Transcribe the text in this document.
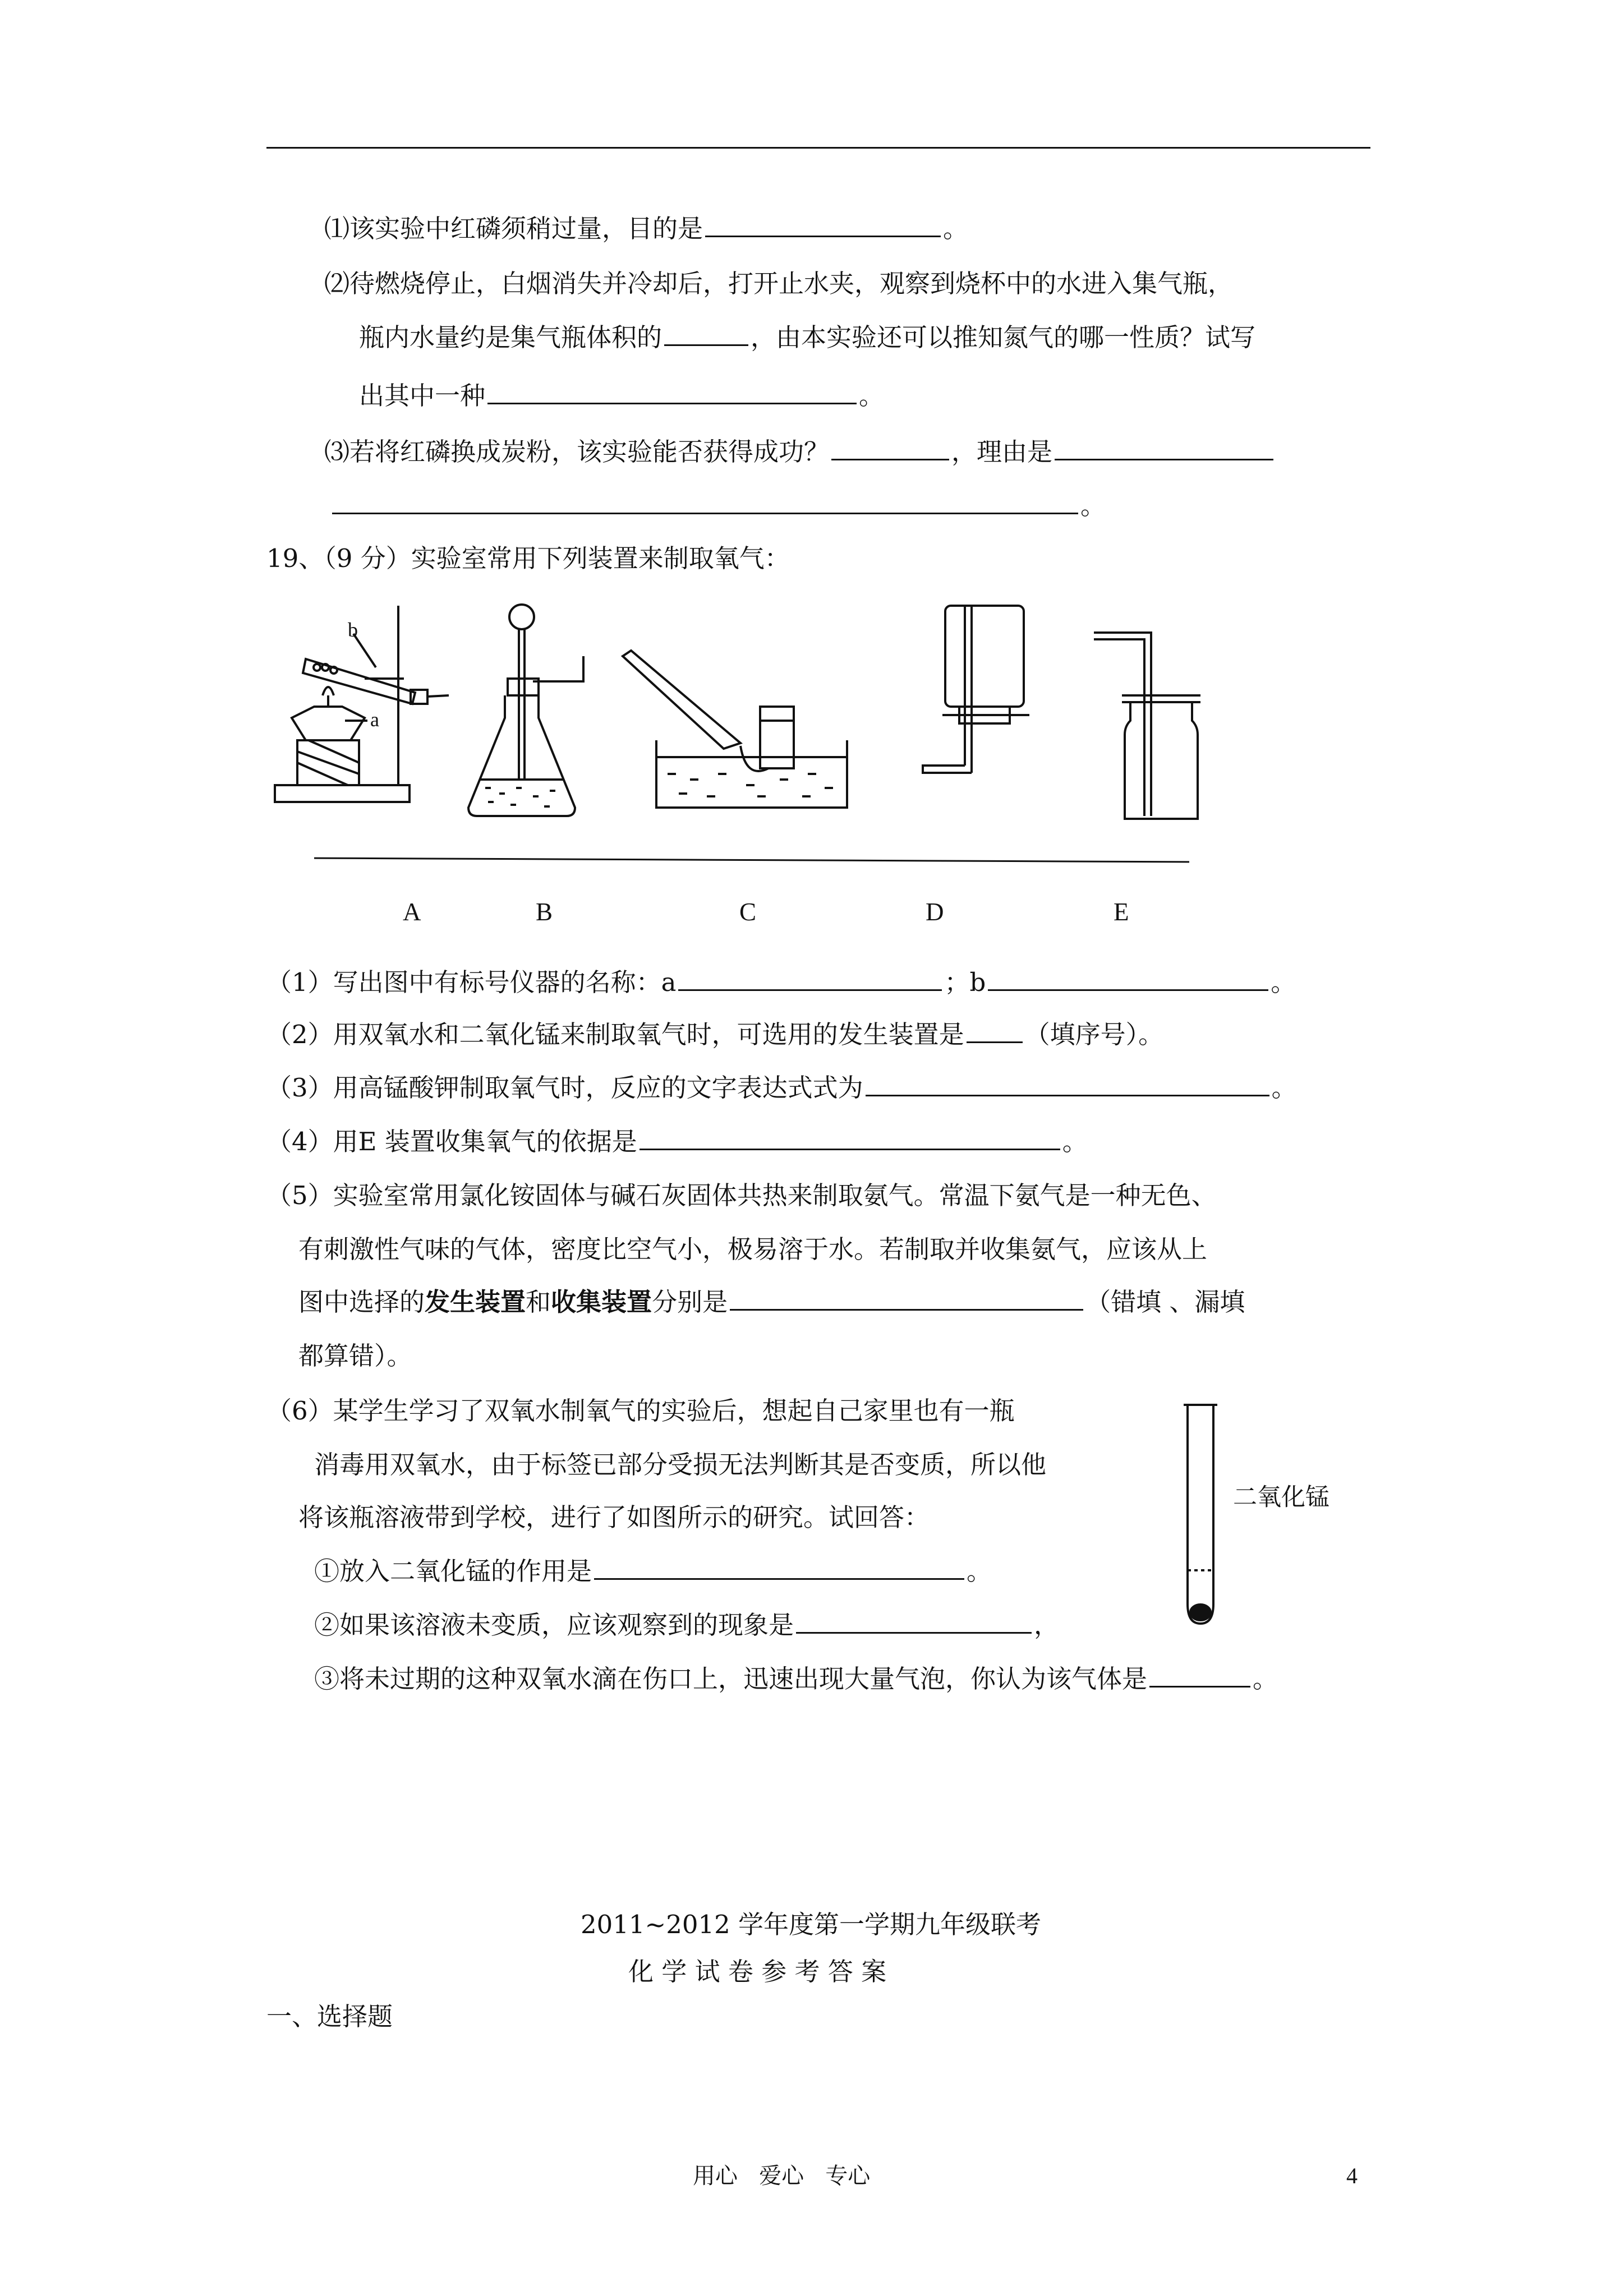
⑴该实验中红磷须稍过量，目的是	。
⑵待燃烧停止，白烟消失并冷却后，打开止水夹，观察到烧杯中的水进入集气瓶，
瓶内水量约是集气瓶体积的	，由本实验还可以推知氮气的哪一性质？试写
出其中一种	。
⑶若将红磷换成炭粉，该实验能否获得成功？	，理由是
。
19、（9 分）实验室常用下列装置来制取氧气：
b
a
A	B	C	D	E
（1）写出图中有标号仪器的名称：a	；b	。
（2）用双氧水和二氧化锰来制取氧气时，可选用的发生装置是 （填序号）。
（3）用高锰酸钾制取氧气时，反应的文字表达式式为	。
（4）用E 装置收集氧气的依据是	。
（5）实验室常用氯化铵固体与碱石灰固体共热来制取氨气。常温下氨气是一种无色、
有刺激性气味的气体，密度比空气小，极易溶于水。若制取并收集氨气，应该从上
图中选择的发生装置和收集装置分别是	（错填 、漏填
都算错）。
（6）某学生学习了双氧水制氧气的实验后，想起自己家里也有一瓶
消毒用双氧水，由于标签已部分受损无法判断其是否变质，所以他
将该瓶溶液带到学校，进行了如图所示的研究。试回答：
①放入二氧化锰的作用是	。
②如果该溶液未变质，应该观察到的现象是	，
③将未过期的这种双氧水滴在伤口上，迅速出现大量气泡，你认为该气体是	。
二氧化锰
2011~2012 学年度第一学期九年级联考
化 学 试 卷 参 考 答 案
一、选择题
用心   爱心   专心	4
